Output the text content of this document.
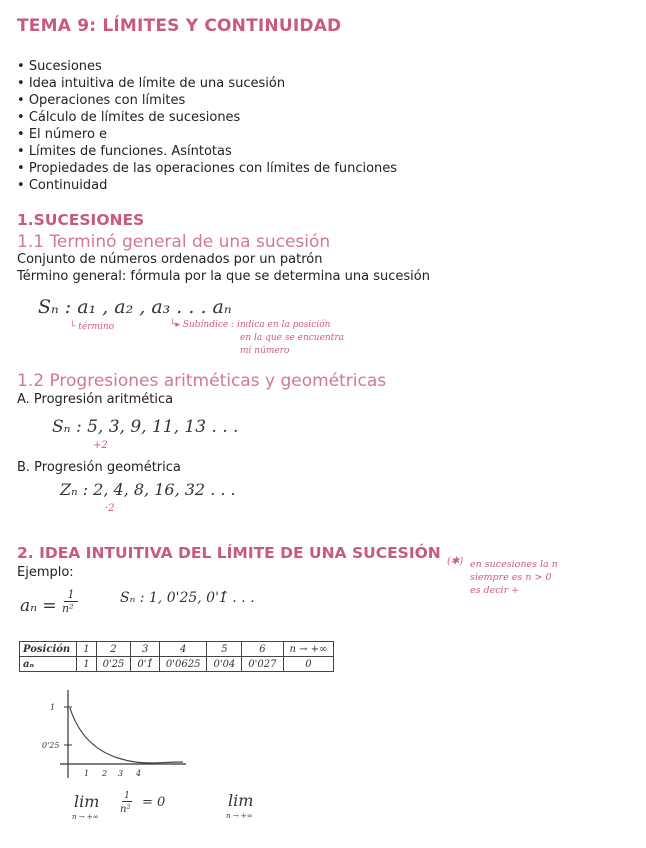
TEMA 9: LÍMITES Y CONTINUIDAD
• Sucesiones
• Idea intuitiva de límite de una sucesión
• Operaciones con límites
• Cálculo de límites de sucesiones
• El número e
• Límites de funciones. Asíntotas
• Propiedades de las operaciones con límites de funciones
• Continuidad
1.SUCESIONES
1.1 Terminó general de una sucesión
Conjunto de números ordenados por un patrón
Término general: fórmula por la que se determina una sucesión
Sₙ : a₁ , a₂ , a₃ . . . aₙ
└ término	└▸ Subíndice : indica en la posición
en la que se encuentra
mi número
1.2 Progresiones aritméticas y geométricas
A. Progresión aritmética
Sₙ : 5, 3, 9, 11, 13 . . .
+2
B. Progresión geométrica
Zₙ : 2, 4, 8, 16, 32 . . .
·2
2. IDEA INTUITIVA DEL LÍMITE DE UNA SUCESIÓN
Ejemplo:
(✱) en sucesiones la n
siempre es n > 0
es decir +
aₙ =
1
n²
Sₙ : 1, 0'25, 0'1̂ . . .
Posición	1	2	3	4	5	6	n → +∞
aₙ	1	0'25	0'1̂	0'0625	0'04	0'027	0
1
0'25
1 2 3 4
lim
n → +∞
1
n² = 0	lim
n → +∞
